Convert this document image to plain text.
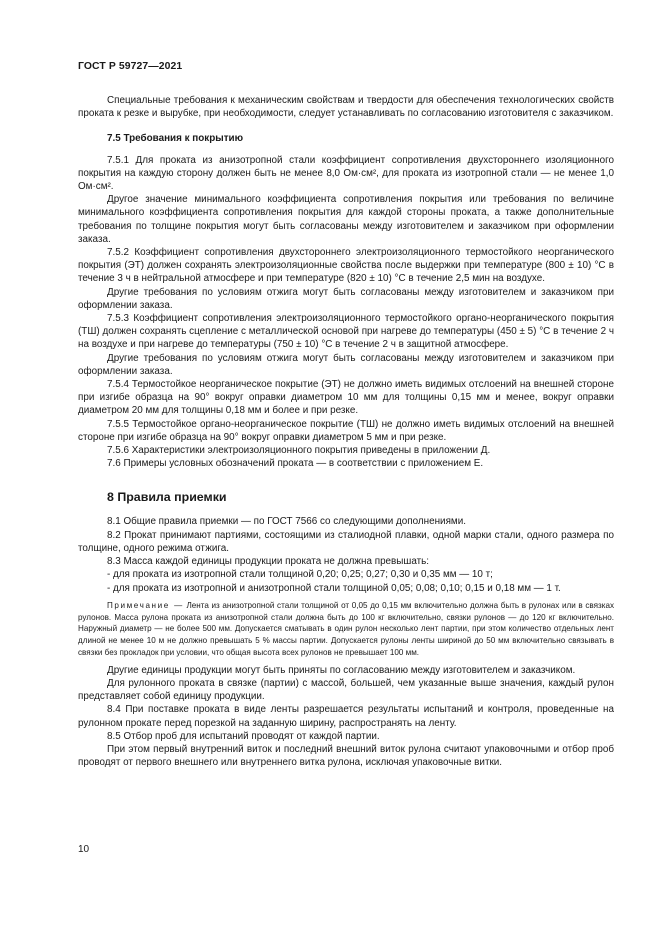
ГОСТ Р 59727—2021

Специальные требования к механическим свойствам и твердости для обеспечения технологических свойств проката к резке и вырубке, при необходимости, следует устанавливать по согласованию изготовителя с заказчиком.

7.5 Требования к покрытию

7.5.1 Для проката из анизотропной стали коэффициент сопротивления двухстороннего изоляционного покрытия на каждую сторону должен быть не менее 8,0 Ом·см², для проката из изотропной стали — не менее 1,0 Ом·см².

Другое значение минимального коэффициента сопротивления покрытия или требования по величине минимального коэффициента сопротивления покрытия для каждой стороны проката, а также дополнительные требования по толщине покрытия могут быть согласованы между изготовителем и заказчиком при оформлении заказа.

7.5.2 Коэффициент сопротивления двухстороннего электроизоляционного термостойкого неорганического покрытия (ЭТ) должен сохранять электроизоляционные свойства после выдержки при температуре (800 ± 10) °С в течение 3 ч в нейтральной атмосфере и при температуре (820 ± 10) °С в течение 2,5 мин на воздухе.

Другие требования по условиям отжига могут быть согласованы между изготовителем и заказчиком при оформлении заказа.

7.5.3 Коэффициент сопротивления электроизоляционного термостойкого органо-неорганического покрытия (ТШ) должен сохранять сцепление с металлической основой при нагреве до температуры (450 ± 5) °С в течение 2 ч на воздухе и при нагреве до температуры (750 ± 10) °С в течение 2 ч в защитной атмосфере.

Другие требования по условиям отжига могут быть согласованы между изготовителем и заказчиком при оформлении заказа.

7.5.4 Термостойкое неорганическое покрытие (ЭТ) не должно иметь видимых отслоений на внешней стороне при изгибе образца на 90° вокруг оправки диаметром 10 мм для толщины 0,15 мм и менее, вокруг оправки диаметром 20 мм для толщины 0,18 мм и более и при резке.

7.5.5 Термостойкое органо-неорганическое покрытие (ТШ) не должно иметь видимых отслоений на внешней стороне при изгибе образца на 90° вокруг оправки диаметром 5 мм и при резке.

7.5.6 Характеристики электроизоляционного покрытия приведены в приложении Д.

7.6 Примеры условных обозначений проката — в соответствии с приложением Е.

8 Правила приемки

8.1 Общие правила приемки — по ГОСТ 7566 со следующими дополнениями.

8.2 Прокат принимают партиями, состоящими из сталиодной плавки, одной марки стали, одного размера по толщине, одного режима отжига.

8.3 Масса каждой единицы продукции проката не должна превышать:

- для проката из изотропной стали толщиной 0,20; 0,25; 0,27; 0,30 и 0,35 мм — 10 т;

- для проката из изотропной и анизотропной стали толщиной 0,05; 0,08; 0,10; 0,15 и 0,18 мм — 1 т.

Примечание — Лента из анизотропной стали толщиной от 0,05 до 0,15 мм включительно должна быть в рулонах или в связках рулонов. Масса рулона проката из анизотропной стали должна быть до 100 кг включительно, связки рулонов — до 120 кг включительно. Наружный диаметр — не более 500 мм. Допускается сматывать в один рулон несколько лент партии, при этом количество отдельных лент длиной не менее 10 м не должно превышать 5 % массы партии. Допускается рулоны ленты шириной до 50 мм включительно связывать в связки без прокладок при условии, что общая высота всех рулонов не превышает 100 мм.

Другие единицы продукции могут быть приняты по согласованию между изготовителем и заказчиком.

Для рулонного проката в связке (партии) с массой, большей, чем указанные выше значения, каждый рулон представляет собой единицу продукции.

8.4 При поставке проката в виде ленты разрешается результаты испытаний и контроля, проведенные на рулонном прокате перед порезкой на заданную ширину, распространять на ленту.

8.5 Отбор проб для испытаний проводят от каждой партии.

При этом первый внутренний виток и последний внешний виток рулона считают упаковочными и отбор проб проводят от первого внешнего или внутреннего витка рулона, исключая упаковочные витки.

10
